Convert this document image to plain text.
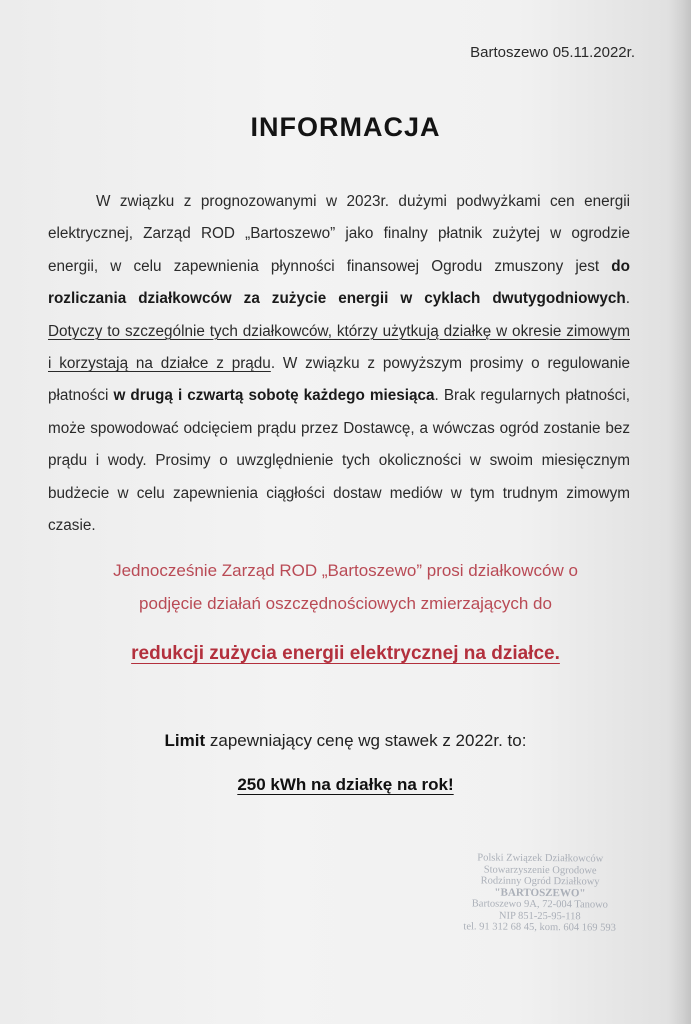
Bartoszewo 05.11.2022r.
INFORMACJA

W związku z prognozowanymi w 2023r. dużymi podwyżkami cen energii elektrycznej, Zarząd ROD „Bartoszewo” jako finalny płatnik zużytej w ogrodzie energii, w celu zapewnienia płynności finansowej Ogrodu zmuszony jest do rozliczania działkowców za zużycie energii w cyklach dwutygodniowych. Dotyczy to szczególnie tych działkowców, którzy użytkują działkę w okresie zimowym i korzystają na działce z prądu. W związku z powyższym prosimy o regulowanie płatności w drugą i czwartą sobotę każdego miesiąca. Brak regularnych płatności, może spowodować odcięciem prądu przez Dostawcę, a wówczas ogród zostanie bez prądu i wody. Prosimy o uwzględnienie tych okoliczności w swoim miesięcznym budżecie w celu zapewnienia ciągłości dostaw mediów w tym trudnym zimowym czasie.

Jednocześnie Zarząd ROD „Bartoszewo” prosi działkowców o
podjęcie działań oszczędnościowych zmierzających do
redukcji zużycia energii elektrycznej na działce.
Limit zapewniający cenę wg stawek z 2022r. to:
250 kWh na działkę na rok!
Polski Związek Działkowców
Stowarzyszenie Ogrodowe
Rodzinny Ogród Działkowy
"BARTOSZEWO"
Bartoszewo 9A, 72-004 Tanowo
NIP 851-25-95-118
tel. 91 312 68 45, kom. 604 169 593
